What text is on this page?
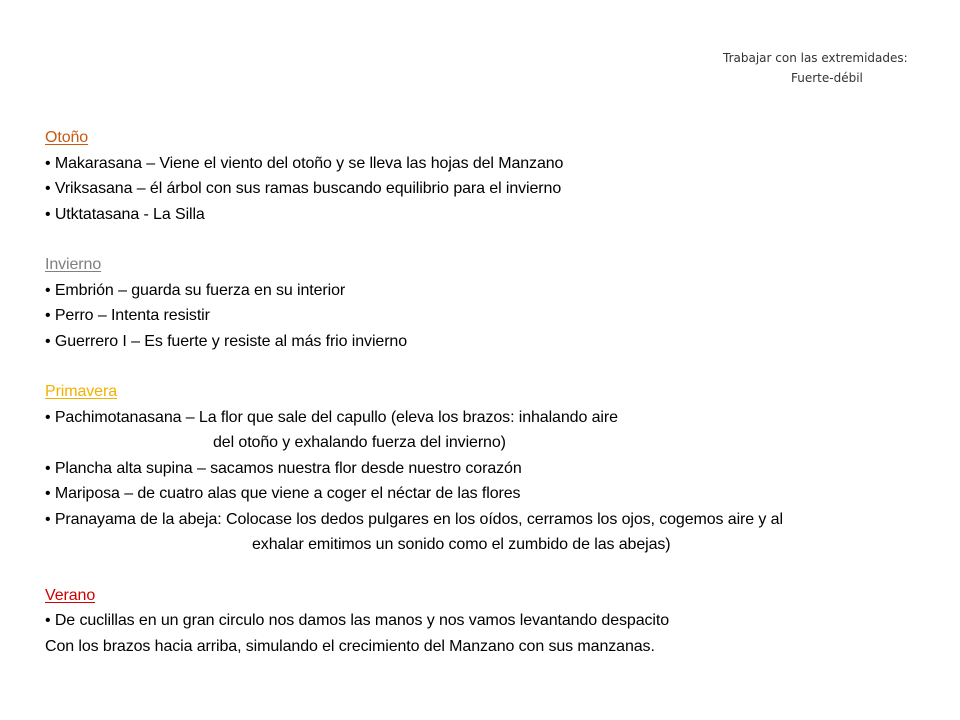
Trabajar con las extremidades:
Fuerte-débil
Otoño
• Makarasana – Viene el viento del otoño y se lleva las hojas del Manzano
• Vriksasana – él árbol con sus ramas buscando equilibrio para el invierno
• Utktatasana - La Silla
Invierno
• Embrión – guarda su fuerza en su interior
• Perro – Intenta resistir
• Guerrero I – Es fuerte y resiste al más frio invierno
Primavera
• Pachimotanasana – La flor que sale del capullo (eleva los brazos: inhalando aire
del otoño y exhalando fuerza del invierno)
• Plancha alta supina – sacamos nuestra flor desde nuestro corazón
• Mariposa – de cuatro alas que viene a coger el néctar de las flores
• Pranayama de la abeja: Colocase los dedos pulgares en los oídos, cerramos los ojos, cogemos aire y al
exhalar emitimos un sonido como el zumbido de las abejas)
Verano
• De cuclillas en un gran circulo nos damos las manos y nos vamos levantando despacito
Con los brazos hacia arriba, simulando el crecimiento del Manzano con sus manzanas.
